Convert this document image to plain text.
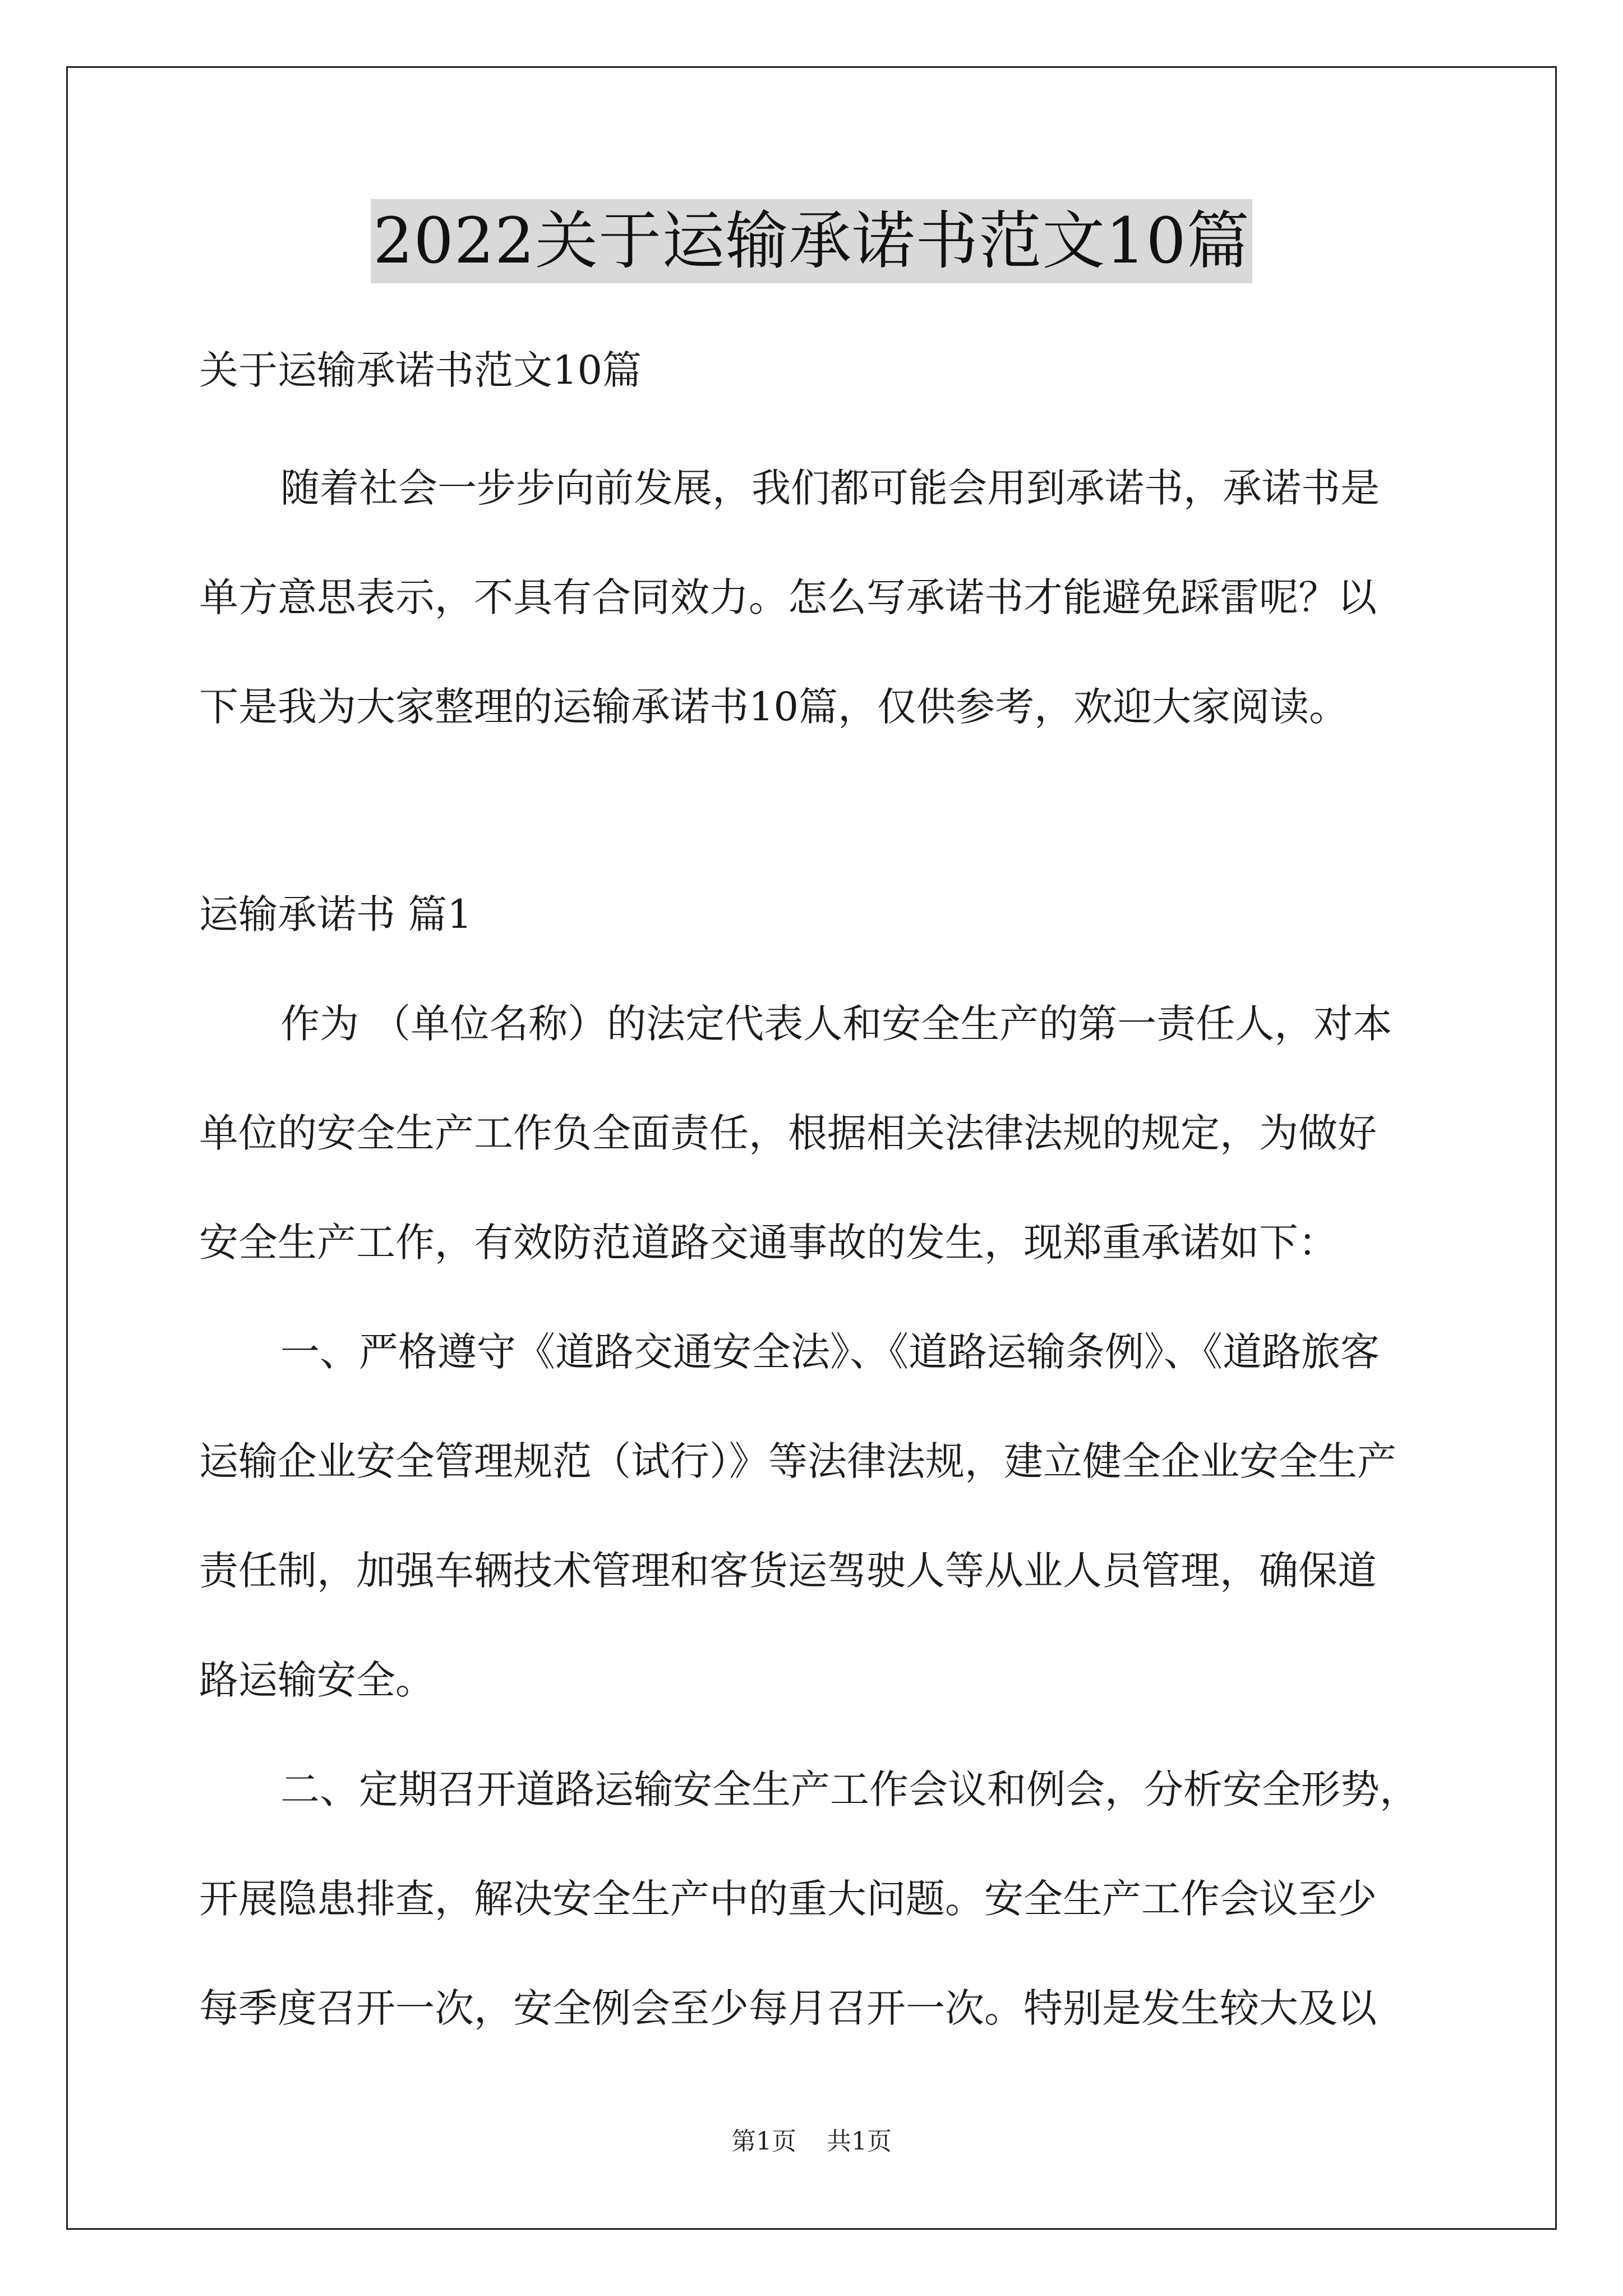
2022关于运输承诺书范文10篇
关于运输承诺书范文10篇
随着社会一步步向前发展，我们都可能会用到承诺书，承诺书是
单方意思表示，不具有合同效力。怎么写承诺书才能避免踩雷呢？以
下是我为大家整理的运输承诺书10篇，仅供参考，欢迎大家阅读。
运输承诺书 篇1
作为 （单位名称）的法定代表人和安全生产的第一责任人，对本
单位的安全生产工作负全面责任，根据相关法律法规的规定，为做好
安全生产工作，有效防范道路交通事故的发生，现郑重承诺如下：
一、严格遵守《道路交通安全法》、《道路运输条例》、《道路旅客
运输企业安全管理规范（试行）》等法律法规，建立健全企业安全生产
责任制，加强车辆技术管理和客货运驾驶人等从业人员管理，确保道
路运输安全。
二、定期召开道路运输安全生产工作会议和例会，分析安全形势，
开展隐患排查，解决安全生产中的重大问题。安全生产工作会议至少
每季度召开一次，安全例会至少每月召开一次。特别是发生较大及以
第1页 共1页
